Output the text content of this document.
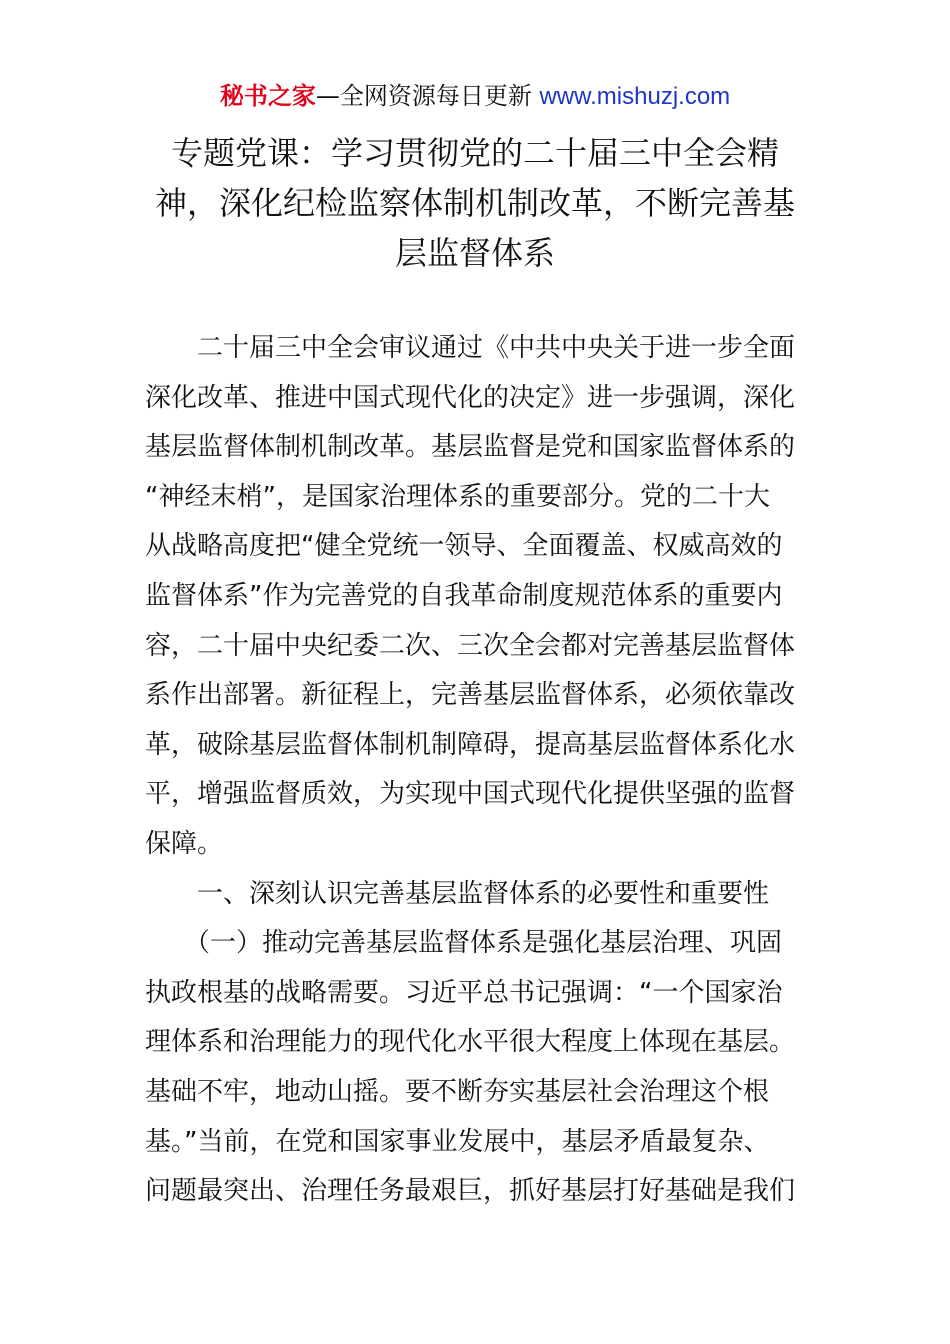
秘书之家—全网资源每日更新 www.mishuzj.com
专题党课：学习贯彻党的二十届三中全会精
神，深化纪检监察体制机制改革，不断完善基
层监督体系
　　二十届三中全会审议通过《中共中央关于进一步全面
深化改革、推进中国式现代化的决定》进一步强调，深化
基层监督体制机制改革。基层监督是党和国家监督体系的
“神经末梢”，是国家治理体系的重要部分。党的二十大
从战略高度把“健全党统一领导、全面覆盖、权威高效的
监督体系”作为完善党的自我革命制度规范体系的重要内
容，二十届中央纪委二次、三次全会都对完善基层监督体
系作出部署。新征程上，完善基层监督体系，必须依靠改
革，破除基层监督体制机制障碍，提高基层监督体系化水
平，增强监督质效，为实现中国式现代化提供坚强的监督
保障。
　　一、深刻认识完善基层监督体系的必要性和重要性
　　（一）推动完善基层监督体系是强化基层治理、巩固
执政根基的战略需要。习近平总书记强调：“一个国家治
理体系和治理能力的现代化水平很大程度上体现在基层。
基础不牢，地动山摇。要不断夯实基层社会治理这个根
基。”当前，在党和国家事业发展中，基层矛盾最复杂、
问题最突出、治理任务最艰巨，抓好基层打好基础是我们
